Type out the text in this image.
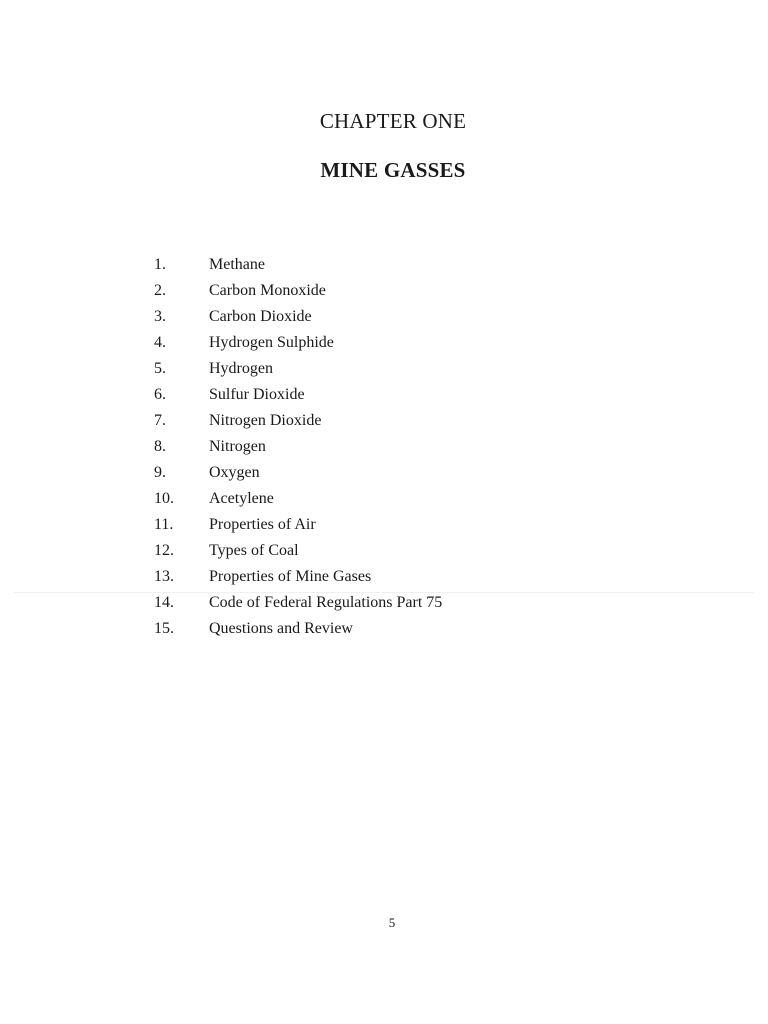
CHAPTER ONE
MINE GASSES
1.	Methane
2.	Carbon Monoxide
3.	Carbon Dioxide
4.	Hydrogen Sulphide
5.	Hydrogen
6.	Sulfur Dioxide
7.	Nitrogen Dioxide
8.	Nitrogen
9.	Oxygen
10. Acetylene
11. Properties of Air
12. Types of Coal
13. Properties of Mine Gases
14. Code of Federal Regulations Part 75
15. Questions and Review
5
